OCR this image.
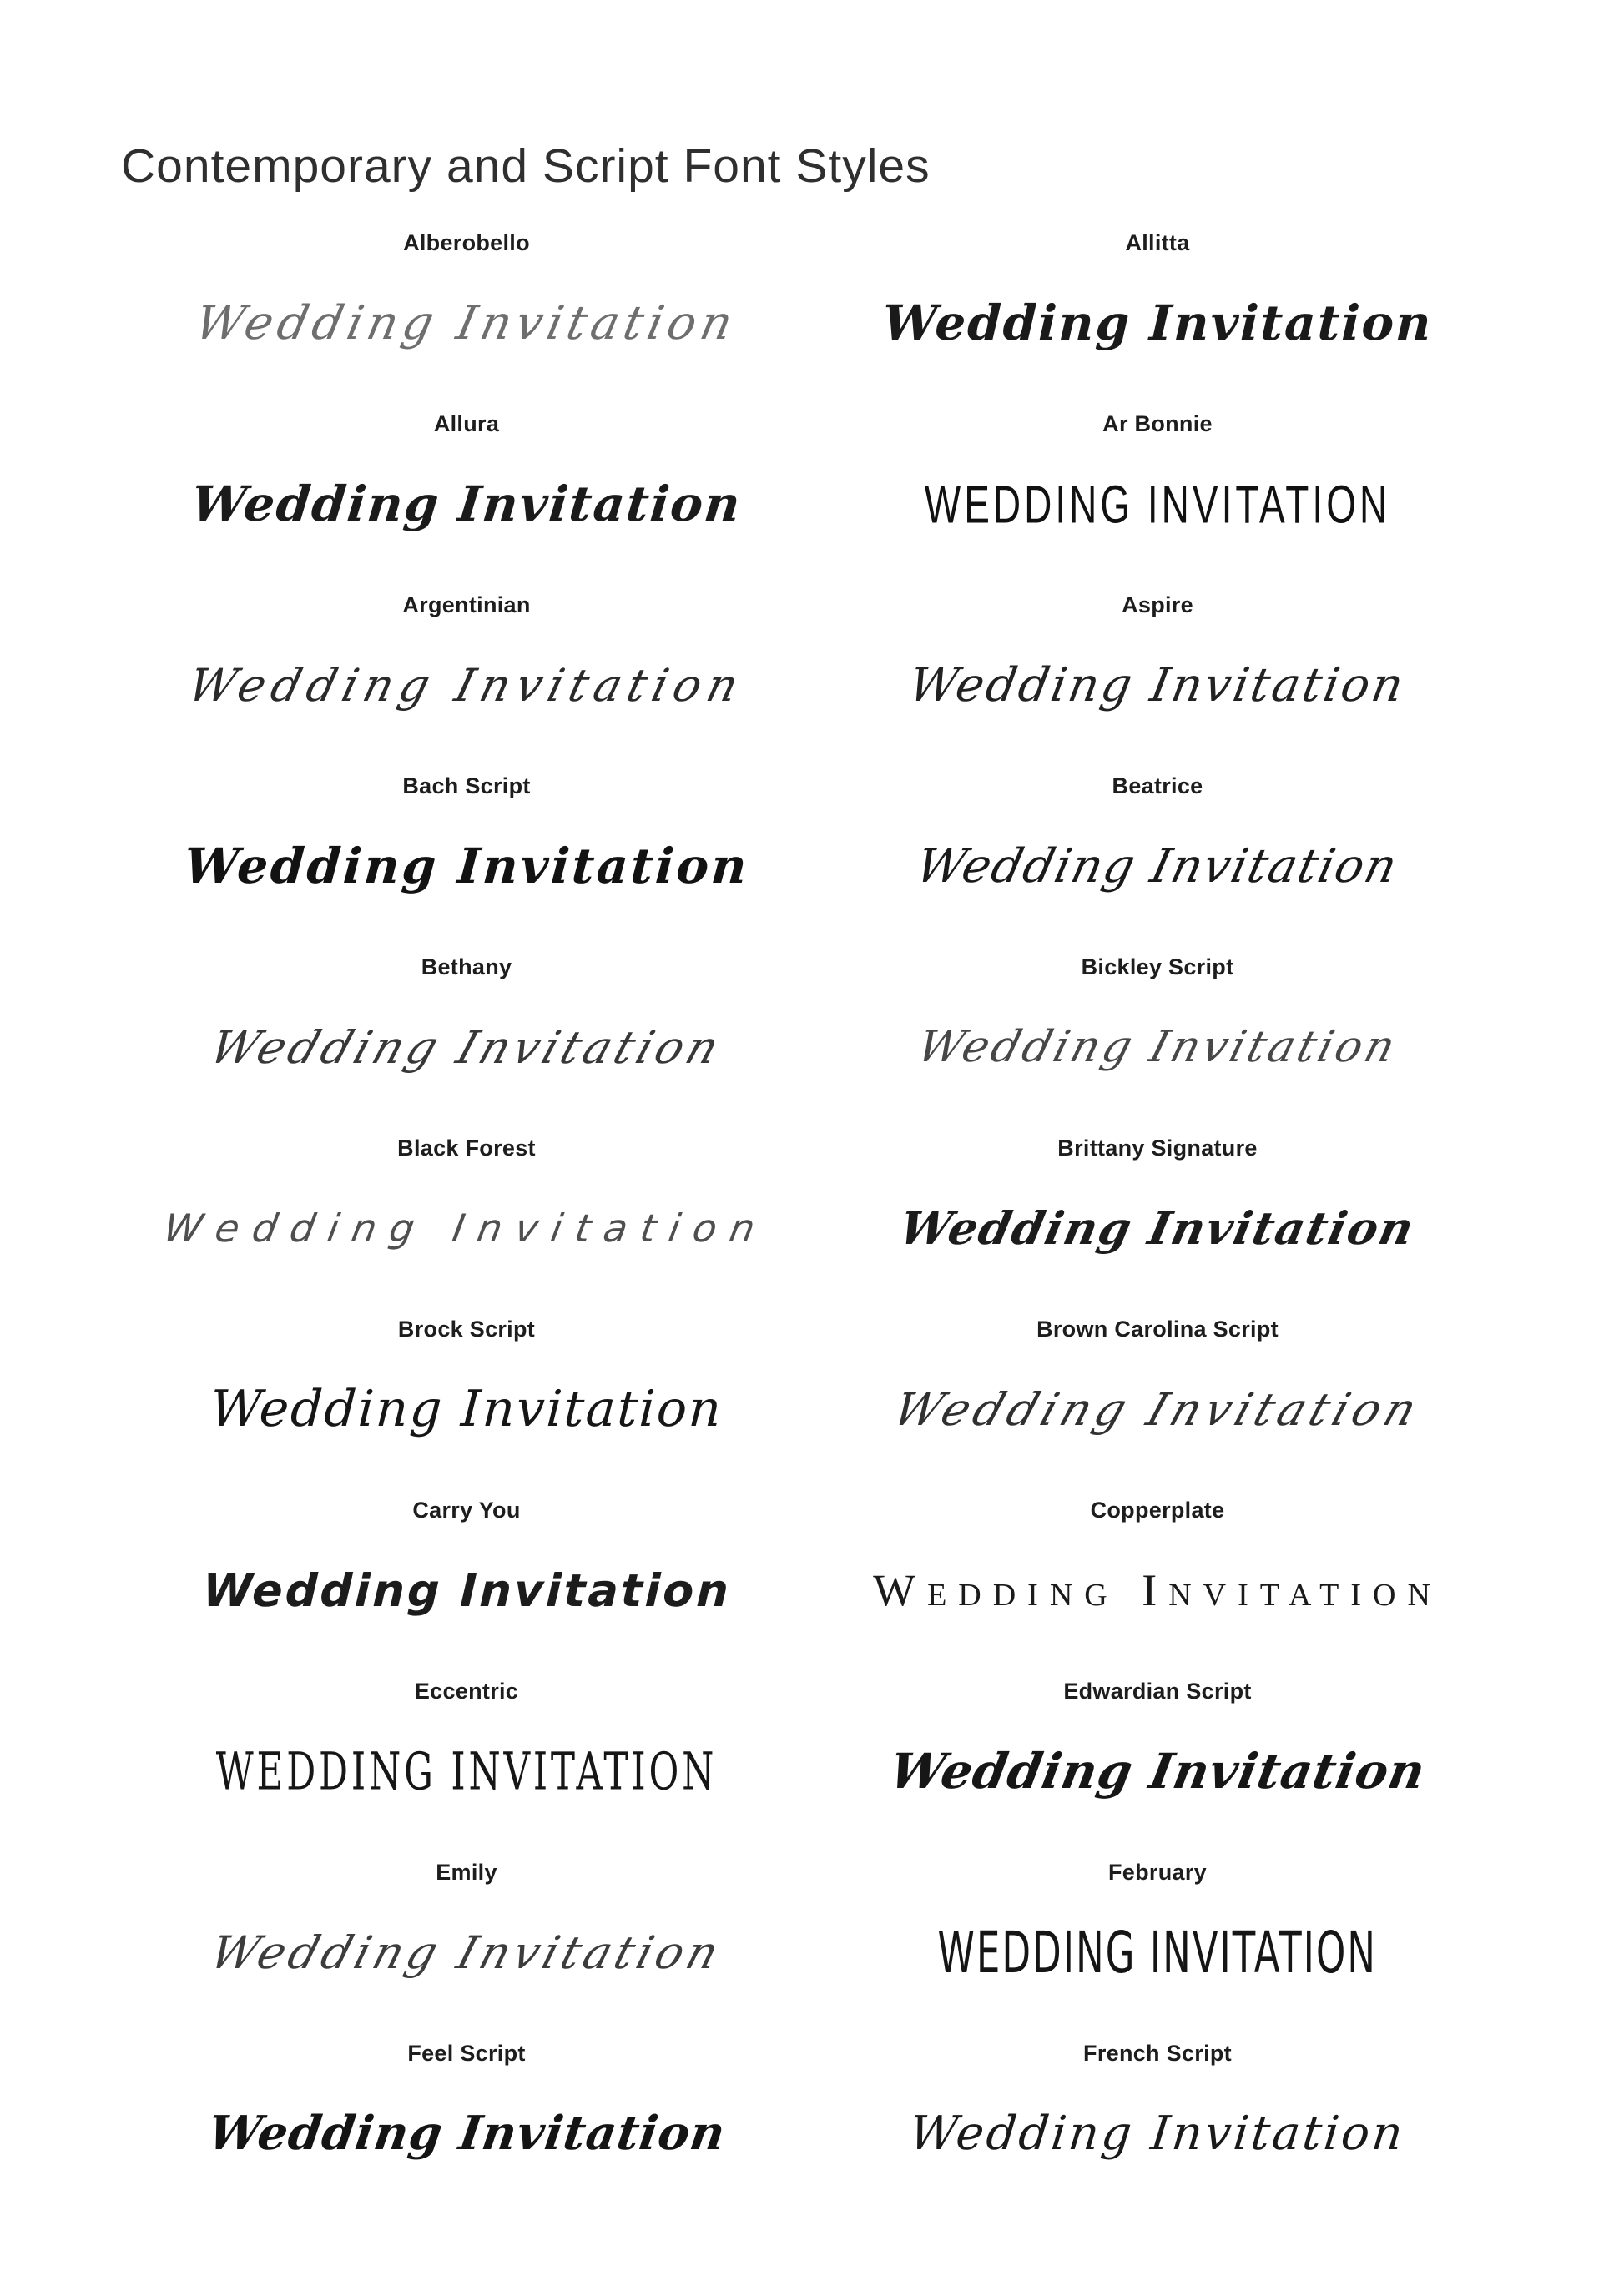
Contemporary and Script Font Styles
Alberobello
Wedding Invitation
Allura
Wedding Invitation
Argentinian
Wedding Invitation
Bach Script
Wedding Invitation
Bethany
Wedding Invitation
Black Forest
Wedding Invitation
Brock Script
Wedding Invitation
Carry You
Wedding Invitation
Eccentric
WEDDING INVITATION
Emily
Wedding Invitation
Feel Script
Wedding Invitation
Allitta
Wedding Invitation
Ar Bonnie
WEDDING INVITATION
Aspire
Wedding Invitation
Beatrice
Wedding Invitation
Bickley Script
Wedding Invitation
Brittany Signature
Wedding Invitation
Brown Carolina Script
Wedding Invitation
Copperplate
Wedding Invitation
Edwardian Script
Wedding Invitation
February
WEDDING INVITATION
French Script
Wedding Invitation
